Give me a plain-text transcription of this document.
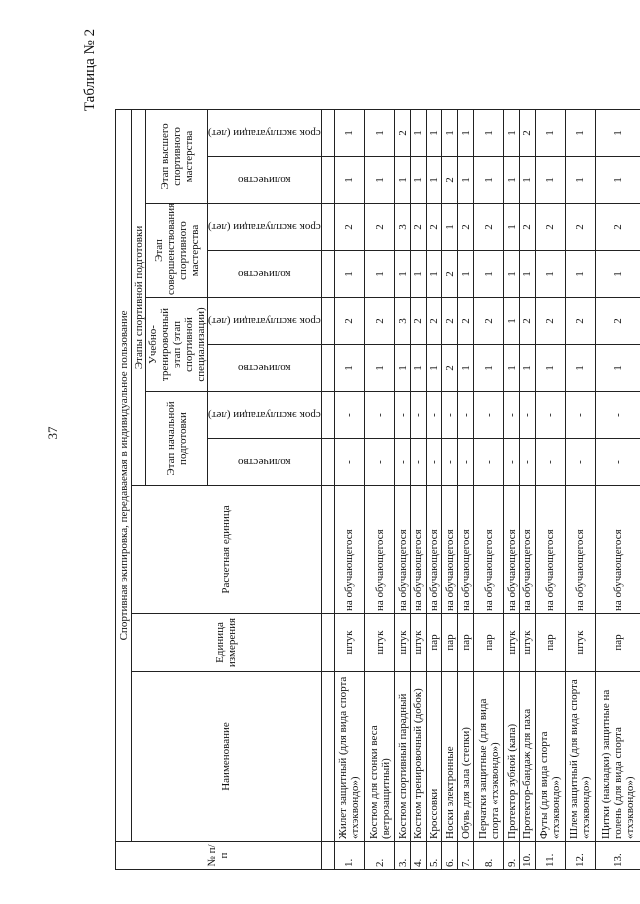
37
Таблица № 2
№ п/п	Спортивная экипировка, передаваемая в индивидуальное пользование										
	Наименование	Единица измерения	Расчетная единица	Этапы спортивной подготовки							
				Этап начальной подготовки		Учебно-тренировочный этап (этап спортивной специализации)		Этап совершенствования спортивного мастерства		Этап высшего спортивного мастерства	

				количество	срок эксплуатации (лет)	количество	срок эксплуатации (лет)	количество	срок эксплуатации (лет)	количество	срок эксплуатации (лет)

1.	Жилет защитный (для вида спорта «тхэквондо»)	штук	на обучающегося	-	-	1	2	1	2	1	1
2.	Костюм для сгонки веса (ветрозащитный)	штук	на обучающегося	-	-	1	2	1	2	1	1
3.	Костюм спортивный парадный	штук	на обучающегося	-	-	1	3	1	3	1	2
4.	Костюм тренировочный (добок)	штук	на обучающегося	-	-	1	2	1	2	1	1
5.	Кроссовки	пар	на обучающегося	-	-	1	2	1	2	1	1
6.	Носки электронные	пар	на обучающегося	-	-	2	2	2	1	2	1
7.	Обувь для зала (степки)	пар	на обучающегося	-	-	1	2	1	2	1	1
8.	Перчатки защитные (для вида спорта «тхэквондо»)	пар	на обучающегося	-	-	1	2	1	2	1	1
9.	Протектор зубной (капа)	штук	на обучающегося	-	-	1	1	1	1	1	1
10.	Протектор-бандаж для паха	штук	на обучающегося	-	-	1	2	1	2	1	2
11.	Футы (для вида спорта «тхэквондо»)	пар	на обучающегося	-	-	1	2	1	2	1	1
12.	Шлем защитный (для вида спорта «тхэквондо»)	штук	на обучающегося	-	-	1	2	1	2	1	1
13.	Щитки (накладки) защитные на голень (для вида спорта «тхэквондо»)	пар	на обучающегося	-	-	1	2	1	2	1	1
